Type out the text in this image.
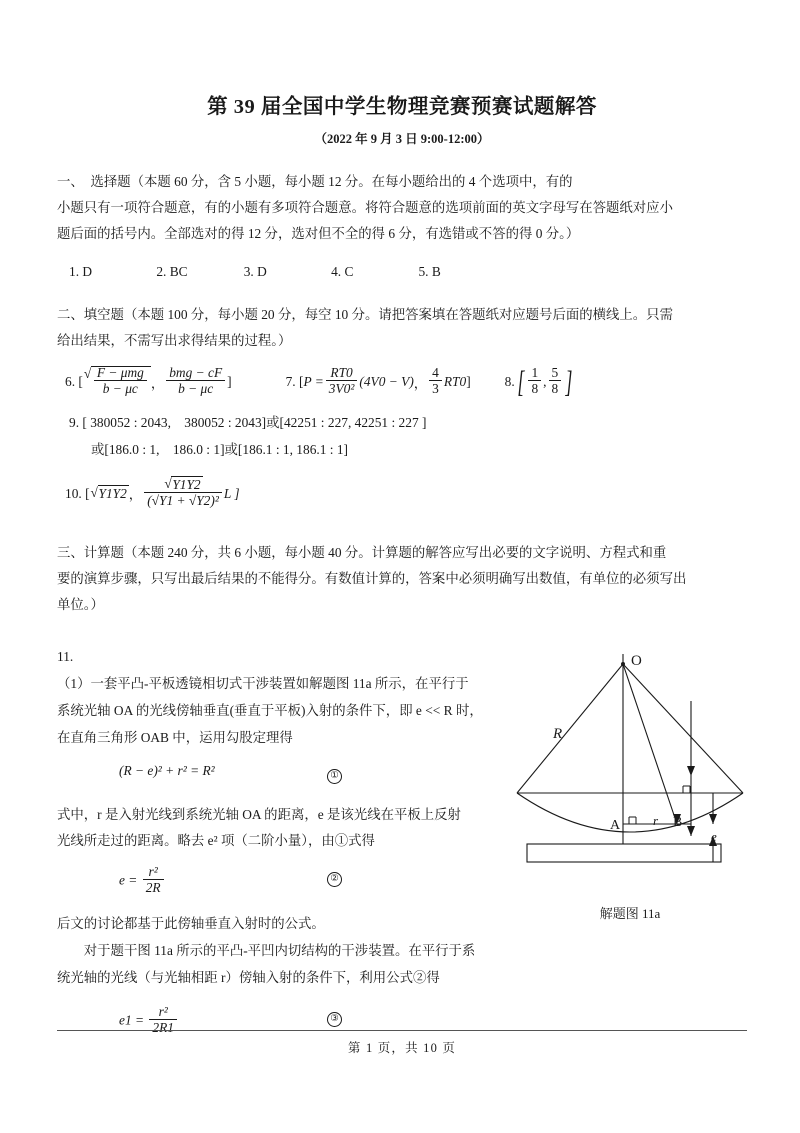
第 39 届全国中学生物理竞赛预赛试题解答
（2022 年 9 月 3 日 9:00-12:00）
一、　选择题（本题 60 分，含 5 小题，每小题 12 分。在每小题给出的 4 个选项中，有的
小题只有一项符合题意，有的小题有多项符合题意。将符合题意的选项前面的英文字母写在答题纸对应小
题后面的括号内。全部选对的得 12 分，选对但不全的得 6 分，有选错或不答的得 0 分。）
1. D	2. BC	3. D	4. C	5. B
二、填空题（本题 100 分，每小题 20 分，每空 10 分。请把答案填在答题纸对应题号后面的横线上。只需
给出结果，不需写出求得结果的过程。）
6. [
√ $\frac{\text{F − μmg}}{b - \mu c}$ ， $\frac{\text{bmg − cF}}{b - \mu c}$ ]	7. [ $P = \frac{RT0}{\text{3V0²}} (4V0 - V)$ ， $\frac{4}{3} RT0$ ]	8. [ $\frac{1}{8}$ , $\frac{5}{8}$ ]
9. [ 380052 : 2043,　380052 : 2043]或[42251 : 227, 42251 : 227 ]
或[186.0 : 1,　186.0 : 1]或[186.1 : 1, 186.1 : 1]
10. [ √ Y1Y2 ， $\frac{√ Y1Y2}{\text{(√Y1 + √Y2)²}}$ L ]
三、计算题（本题 240 分，共 6 小题，每小题 40 分。计算题的解答应写出必要的文字说明、方程式和重
要的演算步骤，只写出最后结果的不能得分。有数值计算的，答案中必须明确写出数值，有单位的必须写出
单位。）
11.
（1）一套平凸-平板透镜相切式干涉装置如解题图 11a 所示，在平行于
系统光轴 OA 的光线傍轴垂直(垂直于平板)入射的条件下，即 e << R 时，
在直角三角形 OAB 中，运用勾股定理得
(R − e)² + r² = R²	①
式中，r 是入射光线到系统光轴 OA 的距离，e 是该光线在平板上反射
光线所走过的距离。略去 e² 项（二阶小量），由①式得
$e = \frac{\text{r²}}{2R}$	②
后文的讨论都基于此傍轴垂直入射时的公式。
　　对于题干图 11a 所示的平凸-平凹内切结构的干涉装置。在平行于系
统光轴的光线（与光轴相距 r）傍轴入射的条件下，利用公式②得
$e1 = \frac{\text{r²}}{2R1}$	③
O
R
A	r B
e
解题图 11a
第 1 页，共 10 页
